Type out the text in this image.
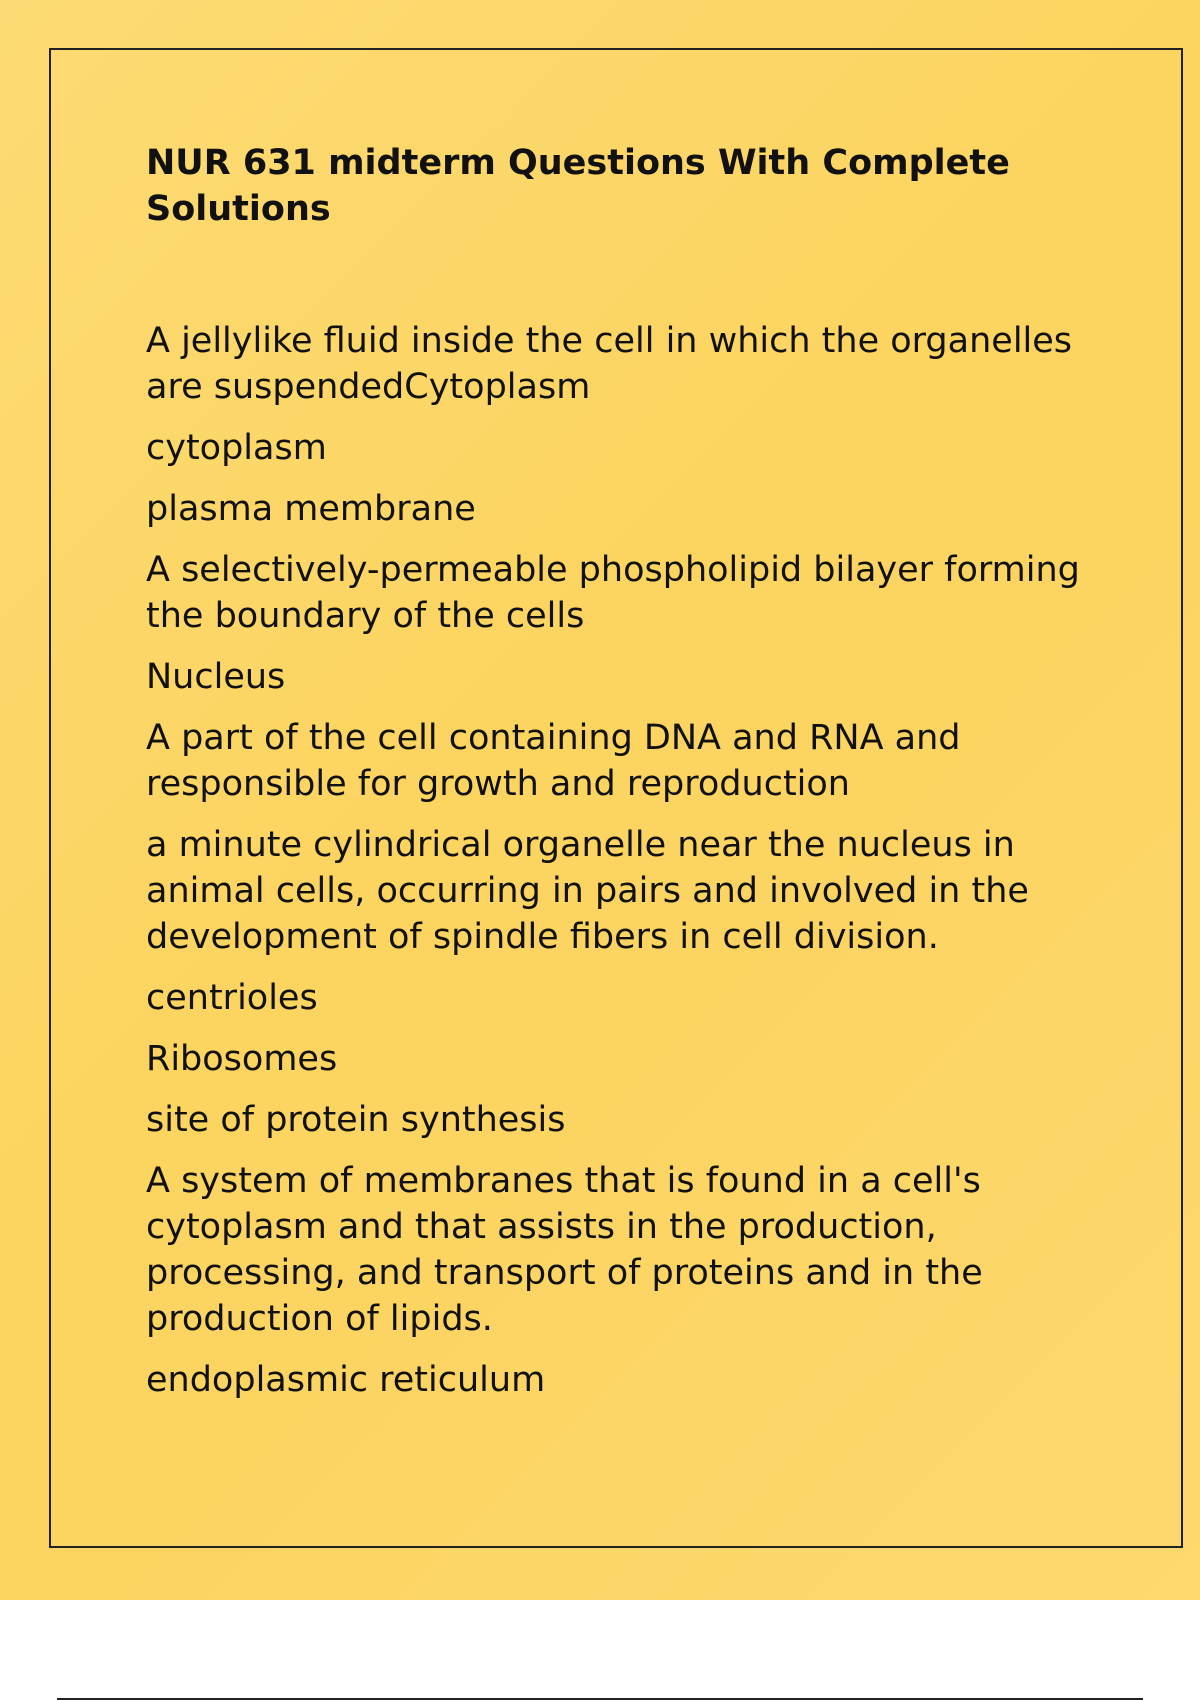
NUR 631 midterm Questions With Complete Solutions
A jellylike fluid inside the cell in which the organelles are suspendedCytoplasm
cytoplasm
plasma membrane
A selectively-permeable phospholipid bilayer forming the boundary of the cells
Nucleus
A part of the cell containing DNA and RNA and responsible for growth and reproduction
a minute cylindrical organelle near the nucleus in animal cells, occurring in pairs and involved in the development of spindle fibers in cell division.
centrioles
Ribosomes
site of protein synthesis
A system of membranes that is found in a cell's cytoplasm and that assists in the production, processing, and transport of proteins and in the production of lipids.
endoplasmic reticulum
